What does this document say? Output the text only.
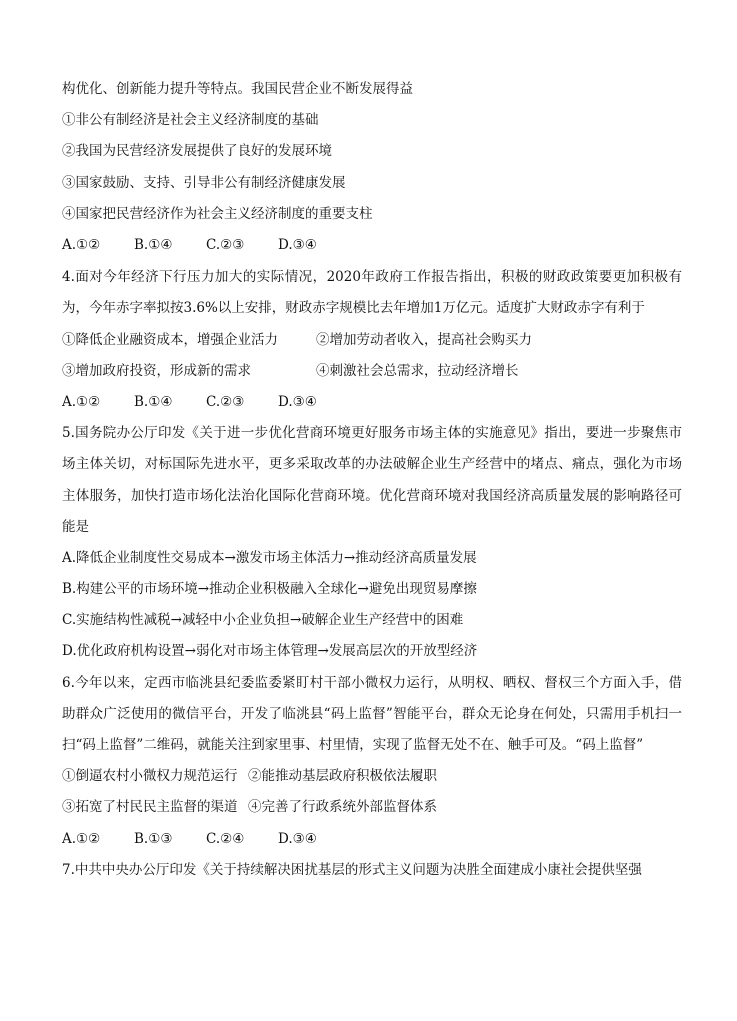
构优化、创新能力提升等特点。我国民营企业不断发展得益
①非公有制经济是社会主义经济制度的基础
②我国为民营经济发展提供了良好的发展环境
③国家鼓励、支持、引导非公有制经济健康发展
④国家把民营经济作为社会主义经济制度的重要支柱
A.①②	B.①④ C.②③ D.③④
4.面对今年经济下行压力加大的实际情况，2020年政府工作报告指出，积极的财政政策要更加积极有为，今年赤字率拟按3.6%以上安排，财政赤字规模比去年增加1万亿元。适度扩大财政赤字有利于
①降低企业融资成本，增强企业活力	②增加劳动者收入，提高社会购买力
③增加政府投资，形成新的需求	④刺激社会总需求，拉动经济增长
A.①②	B.①④ C.②③ D.③④
5.国务院办公厅印发《关于进一步优化营商环境更好服务市场主体的实施意见》指出，要进一步聚焦市场主体关切，对标国际先进水平，更多采取改革的办法破解企业生产经营中的堵点、痛点，强化为市场主体服务，加快打造市场化法治化国际化营商环境。优化营商环境对我国经济高质量发展的影响路径可能是
A.降低企业制度性交易成本→激发市场主体活力→推动经济高质量发展
B.构建公平的市场环境→推动企业积极融入全球化→避免出现贸易摩擦
C.实施结构性减税→减轻中小企业负担→破解企业生产经营中的困难
D.优化政府机构设置→弱化对市场主体管理→发展高层次的开放型经济
6.今年以来，定西市临洮县纪委监委紧盯村干部小微权力运行，从明权、晒权、督权三个方面入手，借助群众广泛使用的微信平台，开发了临洮县“码上监督”智能平台，群众无论身在何处，只需用手机扫一扫“码上监督”二维码，就能关注到家里事、村里情，实现了监督无处不在、触手可及。“码上监督”
①倒逼农村小微权力规范运行 ②能推动基层政府积极依法履职
③拓宽了村民民主监督的渠道 ④完善了行政系统外部监督体系
A.①②	B.①③ C.②④ D.③④
7.中共中央办公厅印发《关于持续解决困扰基层的形式主义问题为决胜全面建成小康社会提供坚强
